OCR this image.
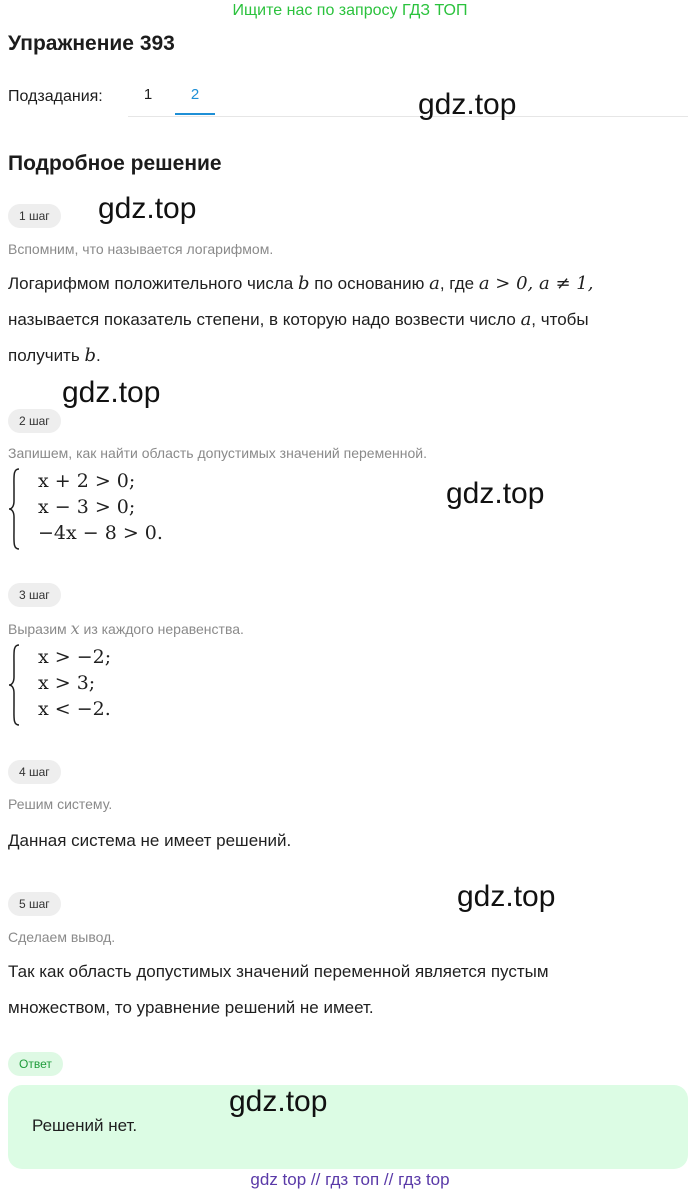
Ищите нас по запросу ГДЗ ТОП
Упражнение 393
Подзадания:	1	2
Подробное решение
1 шаг
Вспомним, что называется логарифмом.
Логарифмом положительного числа b по основанию a, где a > 0, a ≠ 1,
называется показатель степени, в которую надо возвести число a, чтобы
получить b.
2 шаг
Запишем, как найти область допустимых значений переменной.
x + 2 > 0;
x − 3 > 0;
−4x − 8 > 0.
3 шаг
Выразим x из каждого неравенства.
x > −2;
x > 3;
x < −2.
4 шаг
Решим систему.
Данная система не имеет решений.
5 шаг
Сделаем вывод.
Так как область допустимых значений переменной является пустым
множеством, то уравнение решений не имеет.
Ответ
Решений нет.
gdz.top
gdz.top
gdz.top
gdz.top
gdz.top
gdz.top
gdz top // гдз топ // гдз top
